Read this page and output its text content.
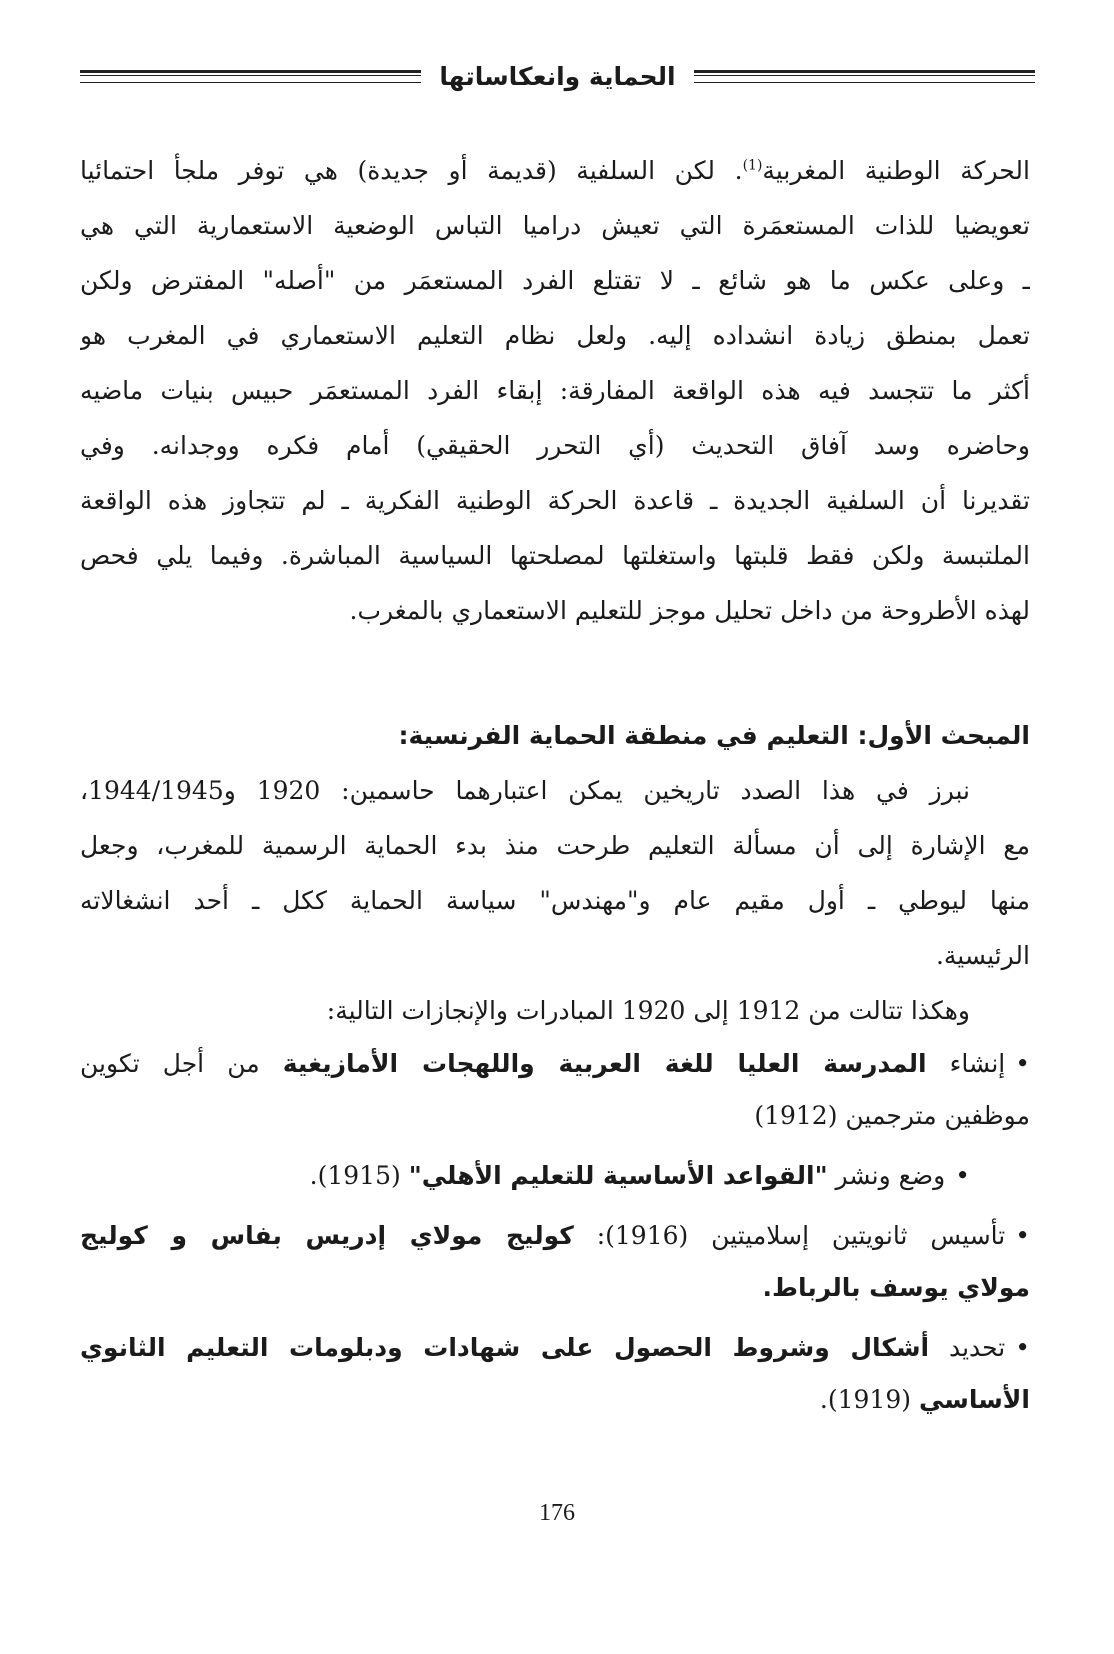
الحماية وانعكاساتها
الحركة الوطنية المغربية$^{(1)}$. لكن السلفية (قديمة أو جديدة) هي توفر ملجأ احتمائيا
تعويضيا للذات المستعمَرة التي تعيش دراميا التباس الوضعية الاستعمارية التي هي
ـ وعلى عكس ما هو شائع ـ لا تقتلع الفرد المستعمَر من "أصله" المفترض ولكن
تعمل بمنطق زيادة انشداده إليه. ولعل نظام التعليم الاستعماري في المغرب هو
أكثر ما تتجسد فيه هذه الواقعة المفارقة: إبقاء الفرد المستعمَر حبيس بنيات ماضيه
وحاضره وسد آفاق التحديث (أي التحرر الحقيقي) أمام فكره ووجدانه. وفي
تقديرنا أن السلفية الجديدة ـ قاعدة الحركة الوطنية الفكرية ـ لم تتجاوز هذه الواقعة
الملتبسة ولكن فقط قلبتها واستغلتها لمصلحتها السياسية المباشرة. وفيما يلي فحص
لهذه الأطروحة من داخل تحليل موجز للتعليم الاستعماري بالمغرب.
المبحث الأول: التعليم في منطقة الحماية الفرنسية:
نبرز في هذا الصدد تاريخين يمكن اعتبارهما حاسمين: 1920 و1944/1945،
مع الإشارة إلى أن مسألة التعليم طرحت منذ بدء الحماية الرسمية للمغرب، وجعل
منها ليوطي ـ أول مقيم عام و"مهندس" سياسة الحماية ككل ـ أحد انشغالاته
الرئيسية.
وهكذا تتالت من 1912 إلى 1920 المبادرات والإنجازات التالية:
•إنشاء المدرسة العليا للغة العربية واللهجات الأمازيغية من أجل تكوين
موظفين مترجمين (1912)
•وضع ونشر "القواعد الأساسية للتعليم الأهلي" (1915).
•تأسيس ثانويتين إسلاميتين (1916): كوليج مولاي إدريس بفاس و كوليج
مولاي يوسف بالرباط.
•تحديد أشكال وشروط الحصول على شهادات ودبلومات التعليم الثانوي
الأساسي (1919).
176
